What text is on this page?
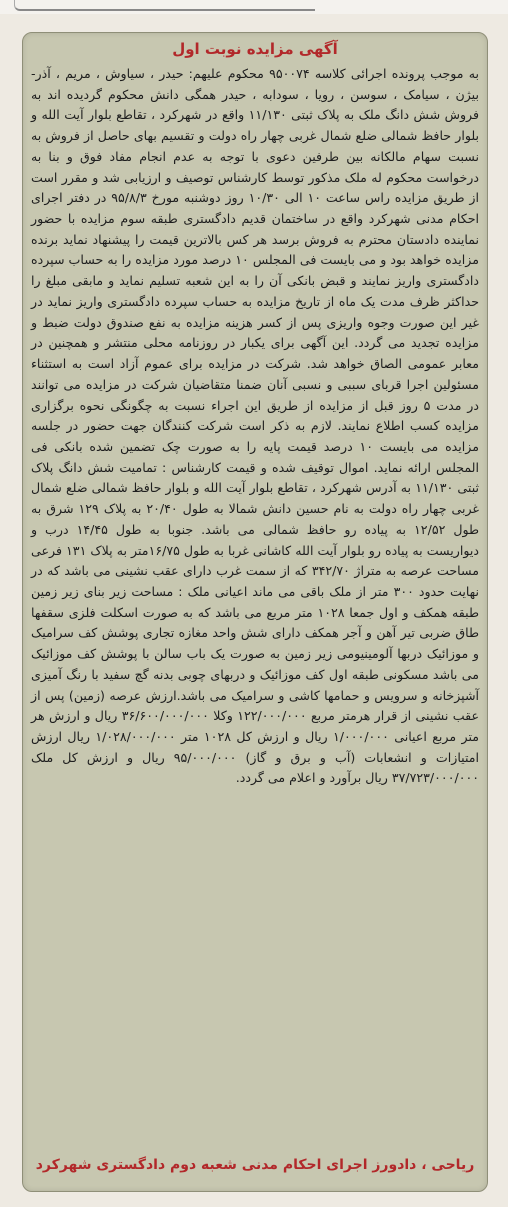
آگهی مزایده نوبت اول
به موجب پرونده اجرائی کلاسه ۹۵۰۰۷۴ محکوم علیهم: حیدر ، سیاوش ، مریم ، آذر- بیژن ، سیامک ، سوسن ، رویا ، سودابه ، حیدر همگی دانش محکوم گردیده اند به فروش شش دانگ ملک به پلاک ثبتی ۱۱/۱۳۰ واقع در شهرکرد ، تقاطع بلوار آیت الله و بلوار حافظ شمالی ضلع شمال غربی چهار راه دولت و تقسیم بهای حاصل از فروش به نسبت سهام مالکانه بین طرفین دعوی با توجه به عدم انجام مفاد فوق و بنا به درخواست محکوم له ملک مذکور توسط کارشناس توصیف و ارزیابی شد و مقرر است از طریق مزایده راس ساعت ۱۰ الی ۱۰/۳۰ روز دوشنبه مورخ ۹۵/۸/۳ در دفتر اجرای احکام مدنی شهرکرد واقع در ساختمان قدیم دادگستری طبقه سوم مزایده با حضور نماینده دادستان محترم به فروش برسد هر کس بالاترین قیمت را پیشنهاد نماید برنده مزایده خواهد بود و می بایست فی المجلس ۱۰ درصد مورد مزایده را به حساب سپرده دادگستری واریز نمایند و قبض بانکی آن را به این شعبه تسلیم نماید و مابقی مبلغ را حداکثر ظرف مدت یک ماه از تاریخ مزایده به حساب سپرده دادگستری واریز نماید در غیر این صورت وجوه واریزی پس از کسر هزینه مزایده به نفع صندوق دولت ضبط و مزایده تجدید می گردد. این آگهی برای یکبار در روزنامه محلی منتشر و همچنین در معابر عمومی الصاق خواهد شد. شرکت در مزایده برای عموم آزاد است به استثناء مسئولین اجرا قربای سببی و نسبی آنان ضمنا متقاضیان شرکت در مزایده می توانند در مدت ۵ روز قبل از مزایده از طریق این اجراء نسبت به چگونگی نحوه برگزاری مزایده کسب اطلاع نمایند. لازم به ذکر است شرکت کنندگان جهت حضور در جلسه مزایده می بایست ۱۰ درصد قیمت پایه را به صورت چک تضمین شده بانکی فی المجلس ارائه نماید. اموال توقیف شده و قیمت کارشناس : تمامیت شش دانگ پلاک ثبتی ۱۱/۱۳۰ به آدرس شهرکرد ، تقاطع بلوار آیت الله و بلوار حافظ شمالی ضلع شمال غربی چهار راه دولت به نام حسین دانش شمالا به طول ۲۰/۴۰ به پلاک ۱۲۹ شرق به طول ۱۲/۵۲ به پیاده رو حافظ شمالی می باشد. جنوبا به طول ۱۴/۴۵ درب و دیواریست به پیاده رو بلوار آیت الله کاشانی غربا به طول ۱۶/۷۵متر به پلاک ۱۳۱ فرعی مساحت عرصه به متراژ ۳۴۲/۷۰ که از سمت غرب دارای عقب نشینی می باشد که در نهایت حدود ۳۰۰ متر از ملک باقی می ماند اعیانی ملک : مساحت زیر بنای زیر زمین طبقه همکف و اول جمعا ۱۰۲۸ متر مربع می باشد که به صورت اسکلت فلزی سقفها طاق ضربی تیر آهن و آجر همکف دارای شش واحد مغازه تجاری پوشش کف سرامیک و موزائیک دربها آلومینیومی زیر زمین به صورت یک باب سالن با پوشش کف موزائیک می باشد مسکونی طبقه اول کف موزائیک و دربهای چوبی بدنه گچ سفید با رنگ آمیزی آشپزخانه و سرویس و حمامها کاشی و سرامیک می باشد.ارزش عرصه (زمین) پس از عقب نشینی از قرار هرمتر مربع ۱۲۲/۰۰۰/۰۰۰ وکلا ۳۶/۶۰۰/۰۰۰/۰۰۰ ریال و ارزش هر متر مربع اعیانی ۱/۰۰۰/۰۰۰ ریال و ارزش کل ۱۰۲۸ متر ۱/۰۲۸/۰۰۰/۰۰۰ ریال ارزش امتیازات و انشعابات (آب و برق و گاز) ۹۵/۰۰۰/۰۰۰ ریال و ارزش کل ملک ۳۷/۷۲۳/۰۰۰/۰۰۰ ریال برآورد و اعلام می گردد.
ریاحی ، دادورز اجرای احکام مدنی شعبه دوم دادگستری شهرکرد
